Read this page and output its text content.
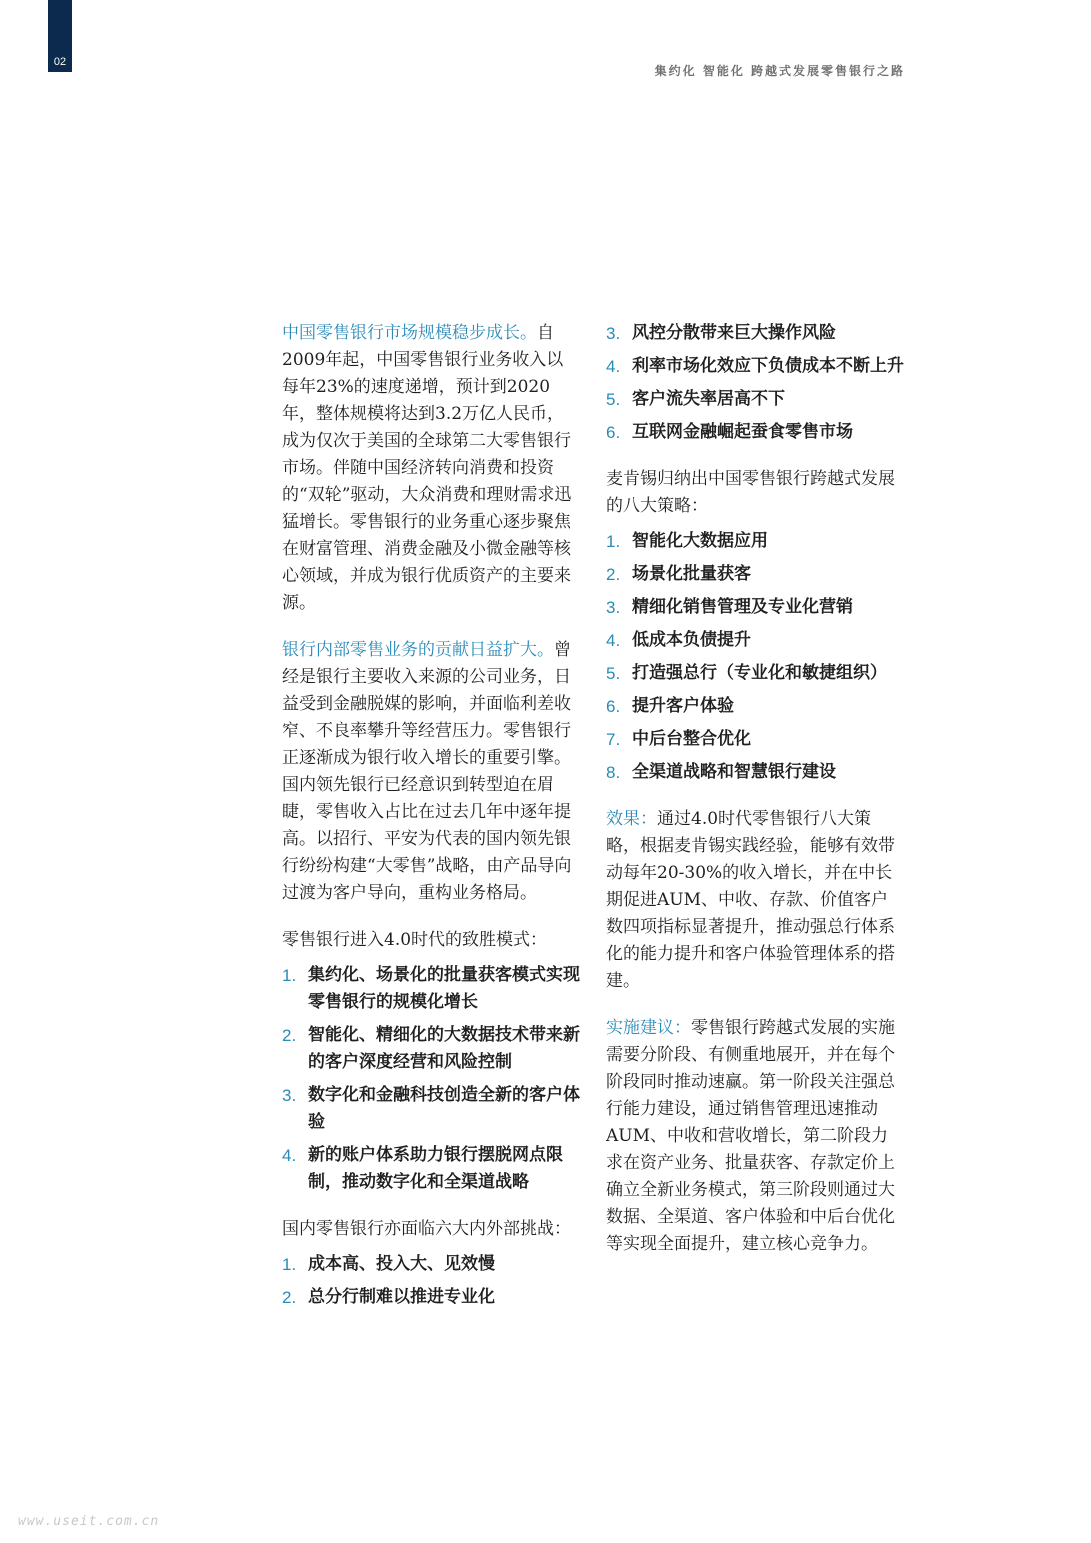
02
集约化 智能化 跨越式发展零售银行之路

中国零售银行市场规模稳步成长。自2009年起，中国零售银行业务收入以每年23%的速度递增，预计到2020年，整体规模将达到3.2万亿人民币，成为仅次于美国的全球第二大零售银行市场。伴随中国经济转向消费和投资的“双轮”驱动，大众消费和理财需求迅猛增长。零售银行的业务重心逐步聚焦在财富管理、消费金融及小微金融等核心领域，并成为银行优质资产的主要来源。

银行内部零售业务的贡献日益扩大。曾经是银行主要收入来源的公司业务，日益受到金融脱媒的影响，并面临利差收窄、不良率攀升等经营压力。零售银行正逐渐成为银行收入增长的重要引擎。国内领先银行已经意识到转型迫在眉睫，零售收入占比在过去几年中逐年提高。以招行、平安为代表的国内领先银行纷纷构建“大零售”战略，由产品导向过渡为客户导向，重构业务格局。

零售银行进入4.0时代的致胜模式：

1. 集约化、场景化的批量获客模式实现零售银行的规模化增长
2. 智能化、精细化的大数据技术带来新的客户深度经营和风险控制
3. 数字化和金融科技创造全新的客户体验
4. 新的账户体系助力银行摆脱网点限制，推动数字化和全渠道战略

国内零售银行亦面临六大内外部挑战：

1. 成本高、投入大、见效慢
2. 总分行制难以推进专业化
3. 风控分散带来巨大操作风险
4. 利率市场化效应下负债成本不断上升
5. 客户流失率居高不下
6. 互联网金融崛起蚕食零售市场

麦肯锡归纳出中国零售银行跨越式发展的八大策略：

1. 智能化大数据应用
2. 场景化批量获客
3. 精细化销售管理及专业化营销
4. 低成本负债提升
5. 打造强总行（专业化和敏捷组织）
6. 提升客户体验
7. 中后台整合优化
8. 全渠道战略和智慧银行建设

效果：通过4.0时代零售银行八大策略，根据麦肯锡实践经验，能够有效带动每年20-30%的收入增长，并在中长期促进AUM、中收、存款、价值客户数四项指标显著提升，推动强总行体系化的能力提升和客户体验管理体系的搭建。

实施建议：零售银行跨越式发展的实施需要分阶段、有侧重地展开，并在每个阶段同时推动速赢。第一阶段关注强总行能力建设，通过销售管理迅速推动AUM、中收和营收增长，第二阶段力求在资产业务、批量获客、存款定价上确立全新业务模式，第三阶段则通过大数据、全渠道、客户体验和中后台优化等实现全面提升，建立核心竞争力。

www.useit.com.cn
